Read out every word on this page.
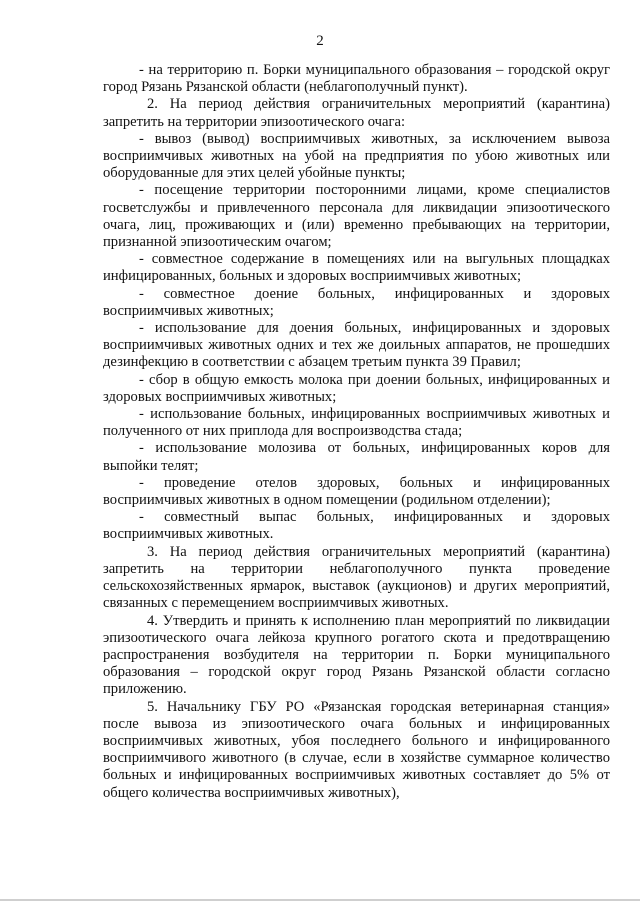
2

- на территорию п. Борки муниципального образования – городской округ город Рязань Рязанской области (неблагополучный пункт).

2. На период действия ограничительных мероприятий (карантина) запретить на территории эпизоотического очага:

- вывоз (вывод) восприимчивых животных, за исключением вывоза восприимчивых животных на убой на предприятия по убою животных или оборудованные для этих целей убойные пункты;

- посещение территории посторонними лицами, кроме специалистов госветслужбы и привлеченного персонала для ликвидации эпизоотического очага, лиц, проживающих и (или) временно пребывающих на территории, признанной эпизоотическим очагом;

- совместное содержание в помещениях или на выгульных площадках инфицированных, больных и здоровых восприимчивых животных;

- совместное доение больных, инфицированных и здоровых восприимчивых животных;

- использование для доения больных, инфицированных и здоровых восприимчивых животных одних и тех же доильных аппаратов, не прошедших дезинфекцию в соответствии с абзацем третьим пункта 39 Правил;

- сбор в общую емкость молока при доении больных, инфицированных и здоровых восприимчивых животных;

- использование больных, инфицированных восприимчивых животных и полученного от них приплода для воспроизводства стада;

- использование молозива от больных, инфицированных коров для выпойки телят;

- проведение отелов здоровых, больных и инфицированных восприимчивых животных в одном помещении (родильном отделении);

- совместный выпас больных, инфицированных и здоровых восприимчивых животных.

3. На период действия ограничительных мероприятий (карантина) запретить на территории неблагополучного пункта проведение сельскохозяйственных ярмарок, выставок (аукционов) и других мероприятий, связанных с перемещением восприимчивых животных.

4. Утвердить и принять к исполнению план мероприятий по ликвидации эпизоотического очага лейкоза крупного рогатого скота и предотвращению распространения возбудителя на территории п. Борки муниципального образования – городской округ город Рязань Рязанской области согласно приложению.

5. Начальнику ГБУ РО «Рязанская городская ветеринарная станция» после вывоза из эпизоотического очага больных и инфицированных восприимчивых животных, убоя последнего больного и инфицированного восприимчивого животного (в случае, если в хозяйстве суммарное количество больных и инфицированных восприимчивых животных составляет до 5% от общего количества восприимчивых животных),
